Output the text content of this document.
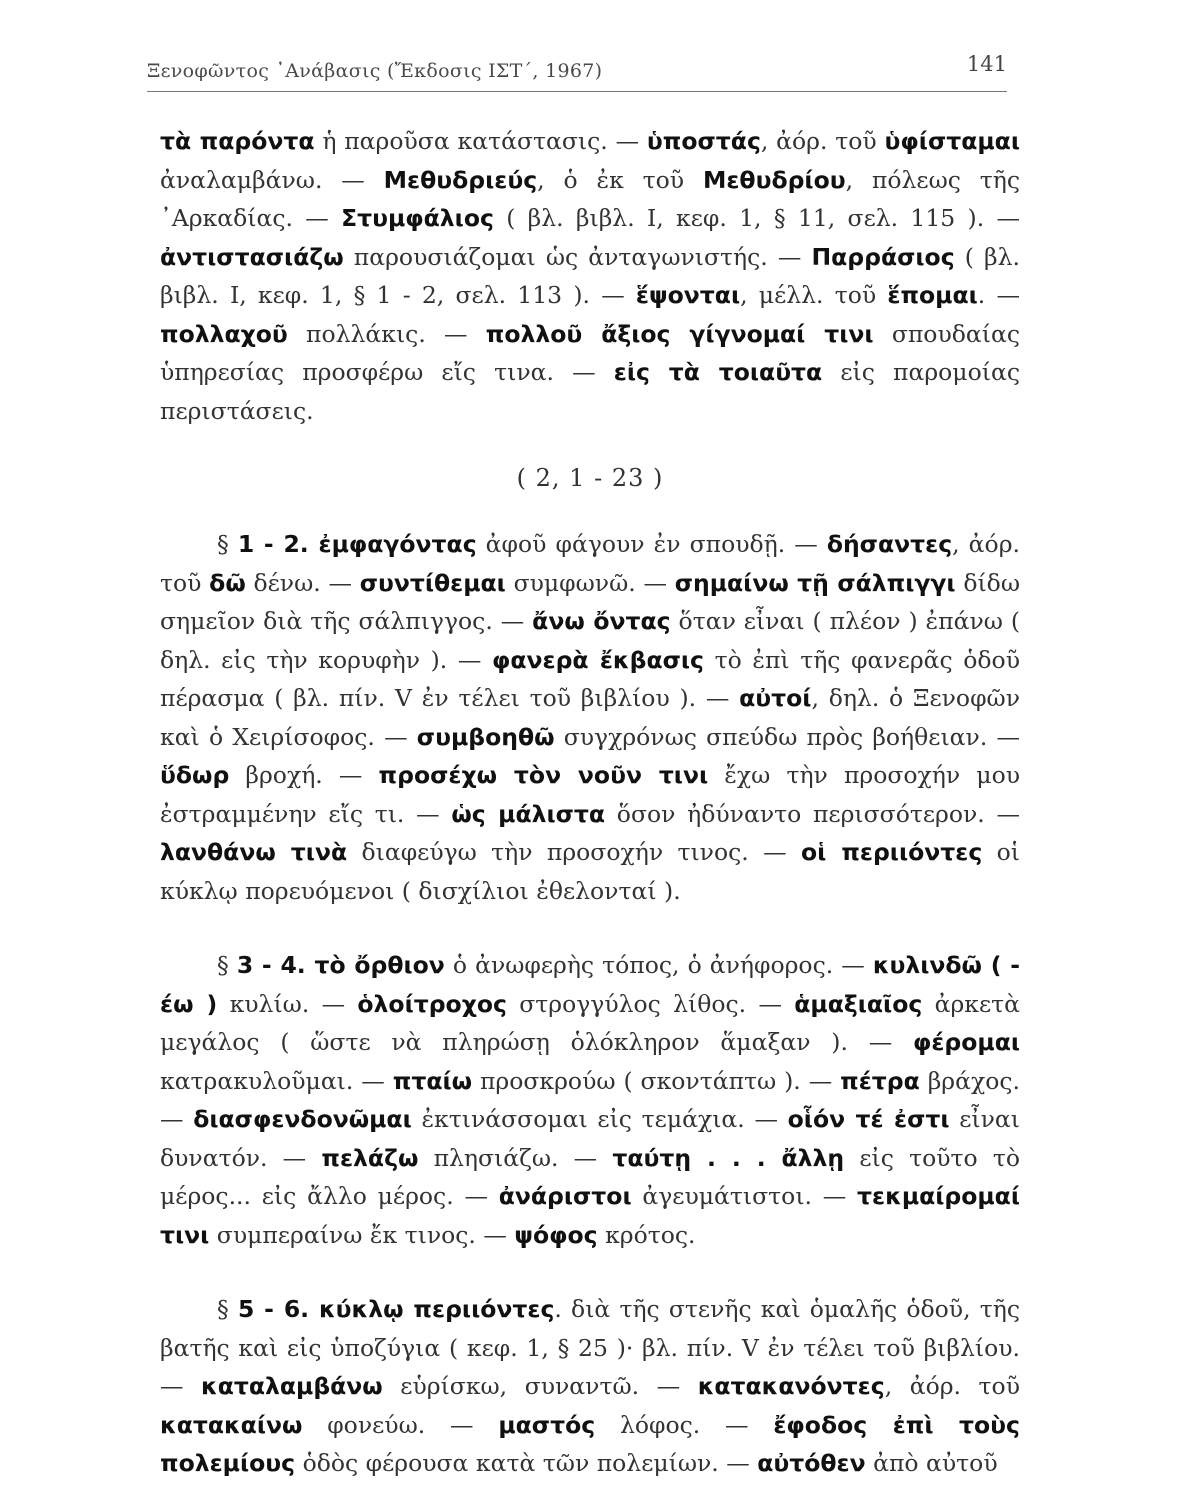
Ξενοφῶντος ᾿Ανάβασις (Ἔκδοσις ΙΣΤ΄, 1967)	141

τὰ παρόντα ἡ παροῦσα κατάστασις. — ὑποστάς, ἀόρ. τοῦ ὑφίσταμαι ἀναλαμβάνω. — Μεθυδριεύς, ὁ ἐκ τοῦ Μεθυδρίου, πόλεως τῆς ᾿Αρκαδίας. — Στυμφάλιος ( βλ. βιβλ. Ι, κεφ. 1, § 11, σελ. 115 ). — ἀντιστασιάζω παρουσιάζομαι ὡς ἀνταγωνιστής. — Παρράσιος ( βλ. βιβλ. Ι, κεφ. 1, § 1 - 2, σελ. 113 ). — ἕψονται, μέλλ. τοῦ ἕπομαι. — πολλαχοῦ πολλάκις. — πολλοῦ ἄξιος γίγνομαί τινι σπουδαίας ὑπηρεσίας προσφέρω εἴς τινα. — εἰς τὰ τοιαῦτα εἰς παρομοίας περιστάσεις.

( 2, 1 - 23 )

§ 1 - 2. ἐμφαγόντας ἀφοῦ φάγουν ἐν σπουδῇ. — δήσαντες, ἀόρ. τοῦ δῶ δένω. — συντίθεμαι συμφωνῶ. — σημαίνω τῇ σάλπιγγι δίδω σημεῖον διὰ τῆς σάλπιγγος. — ἄνω ὄντας ὅταν εἶναι ( πλέον ) ἐπάνω ( δηλ. εἰς τὴν κορυφὴν ). — φανερὰ ἔκβασις τὸ ἐπὶ τῆς φανερᾶς ὁδοῦ πέρασμα ( βλ. πίν. V ἐν τέλει τοῦ βιβλίου ). — αὐτοί, δηλ. ὁ Ξενοφῶν καὶ ὁ Χειρίσοφος. — συμβοηθῶ συγχρόνως σπεύδω πρὸς βοήθειαν. — ὕδωρ βροχή. — προσέχω τὸν νοῦν τινι ἔχω τὴν προσοχήν μου ἐστραμμένην εἴς τι. — ὡς μάλιστα ὅσον ἠδύναντο περισσότερον. — λανθάνω τινὰ διαφεύγω τὴν προσοχήν τινος. — οἱ περιιόντες οἱ κύκλῳ πορευόμενοι ( δισχίλιοι ἐθελονταί ).

§ 3 - 4. τὸ ὄρθιον ὁ ἀνωφερὴς τόπος, ὁ ἀνήφορος. — κυλινδῶ ( -έω ) κυλίω. — ὁλοίτροχος στρογγύλος λίθος. — ἁμαξιαῖος ἀρκετὰ μεγάλος ( ὥστε νὰ πληρώσῃ ὁλόκληρον ἅμαξαν ). — φέρομαι κατρακυλοῦμαι. — πταίω προσκρούω ( σκοντάπτω ). — πέτρα βράχος. — διασφενδονῶμαι ἐκτινάσσομαι εἰς τεμάχια. — οἷόν τέ ἐστι εἶναι δυνατόν. — πελάζω πλησιάζω. — ταύτῃ . . . ἄλλῃ εἰς τοῦτο τὸ μέρος... εἰς ἄλλο μέρος. — ἀνάριστοι ἀγευμάτιστοι. — τεκμαίρομαί τινι συμπεραίνω ἔκ τινος. — ψόφος κρότος.

§ 5 - 6. κύκλῳ περιιόντες. διὰ τῆς στενῆς καὶ ὁμαλῆς ὁδοῦ, τῆς βατῆς καὶ εἰς ὑποζύγια ( κεφ. 1, § 25 )· βλ. πίν. V ἐν τέλει τοῦ βιβλίου. — καταλαμβάνω εὑρίσκω, συναντῶ. — κατακανόντες, ἀόρ. τοῦ κατακαίνω φονεύω. — μαστός λόφος. — ἔφοδος ἐπὶ τοὺς πολεμίους ὁδὸς φέρουσα κατὰ τῶν πολεμίων. — αὐτόθεν ἀπὸ αὐτοῦ
